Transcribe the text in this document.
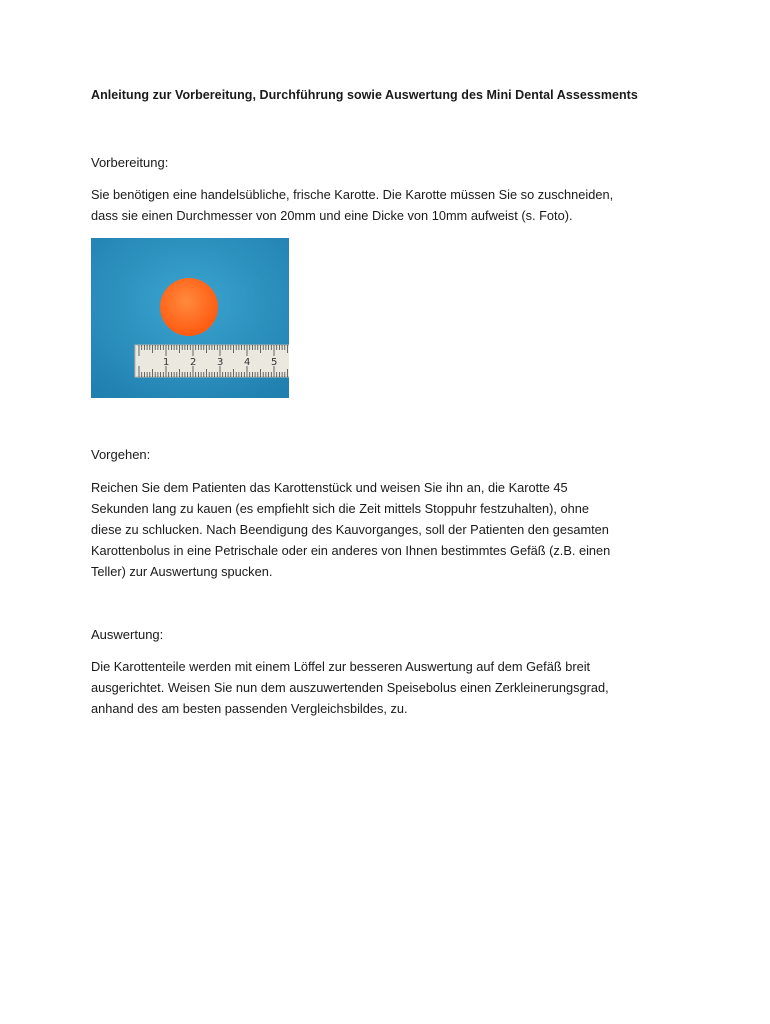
Anleitung zur Vorbereitung, Durchführung sowie Auswertung des Mini Dental Assessments
Vorbereitung:
Sie benötigen eine handelsübliche, frische Karotte. Die Karotte müssen Sie so zuschneiden,
dass sie einen Durchmesser von 20mm und eine Dicke von 10mm aufweist (s. Foto).
1 2 3 4 5
Vorgehen:
Reichen Sie dem Patienten das Karottenstück und weisen Sie ihn an, die Karotte 45
Sekunden lang zu kauen (es empfiehlt sich die Zeit mittels Stoppuhr festzuhalten), ohne
diese zu schlucken. Nach Beendigung des Kauvorganges, soll der Patienten den gesamten
Karottenbolus in eine Petrischale oder ein anderes von Ihnen bestimmtes Gefäß (z.B. einen
Teller) zur Auswertung spucken.
Auswertung:
Die Karottenteile werden mit einem Löffel zur besseren Auswertung auf dem Gefäß breit
ausgerichtet. Weisen Sie nun dem auszuwertenden Speisebolus einen Zerkleinerungsgrad,
anhand des am besten passenden Vergleichsbildes, zu.
